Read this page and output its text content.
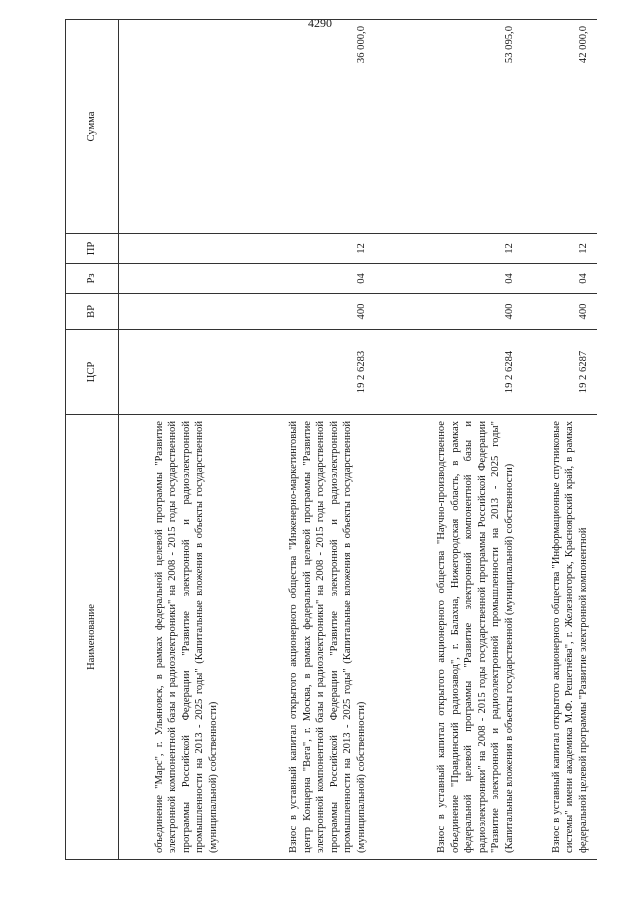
4290
Наименование	ЦСР	ВР	Рз	ПР	Сумма
объединение "Марс", г. Ульяновск, в рамках федеральной целевой программы "Развитие электронной компонентной базы и радиоэлектроники" на 2008 - 2015 годы государственной программы Российской Федерации "Развитие электронной и радиоэлектронной промышленности на 2013 - 2025 годы" (Капитальные вложения в объекты государственной (муниципальной) собственности)					
Взнос в уставный капитал открытого акционерного общества "Инженерно-маркетинговый центр Концерна "Вега", г. Москва, в рамках федеральной целевой программы "Развитие электронной компонентной базы и радиоэлектроники" на 2008 - 2015 годы государственной программы Российской Федерации "Развитие электронной и радиоэлектронной промышленности на 2013 - 2025 годы" (Капитальные вложения в объекты государственной (муниципальной) собственности)	19 2 6283	400	04	12	36 000,0
Взнос в уставный капитал открытого акционерного общества "Научно-производственное объединение "Правдинский радиозавод", г. Балахна, Нижегородская область, в рамках федеральной целевой программы "Развитие электронной компонентной базы и радиоэлектроники" на 2008 - 2015 годы государственной программы Российской Федерации "Развитие электронной и радиоэлектронной промышленности на 2013 - 2025 годы" (Капитальные вложения в объекты государственной (муниципальной) собственности)	19 2 6284	400	04	12	53 095,0
Взнос в уставный капитал открытого акционерного общества "Информационные спутниковые системы" имени академика М.Ф. Решетнёва", г. Железногорск, Красноярский край, в рамках федеральной целевой программы "Развитие электронной компонентной	19 2 6287	400	04	12	42 000,0
